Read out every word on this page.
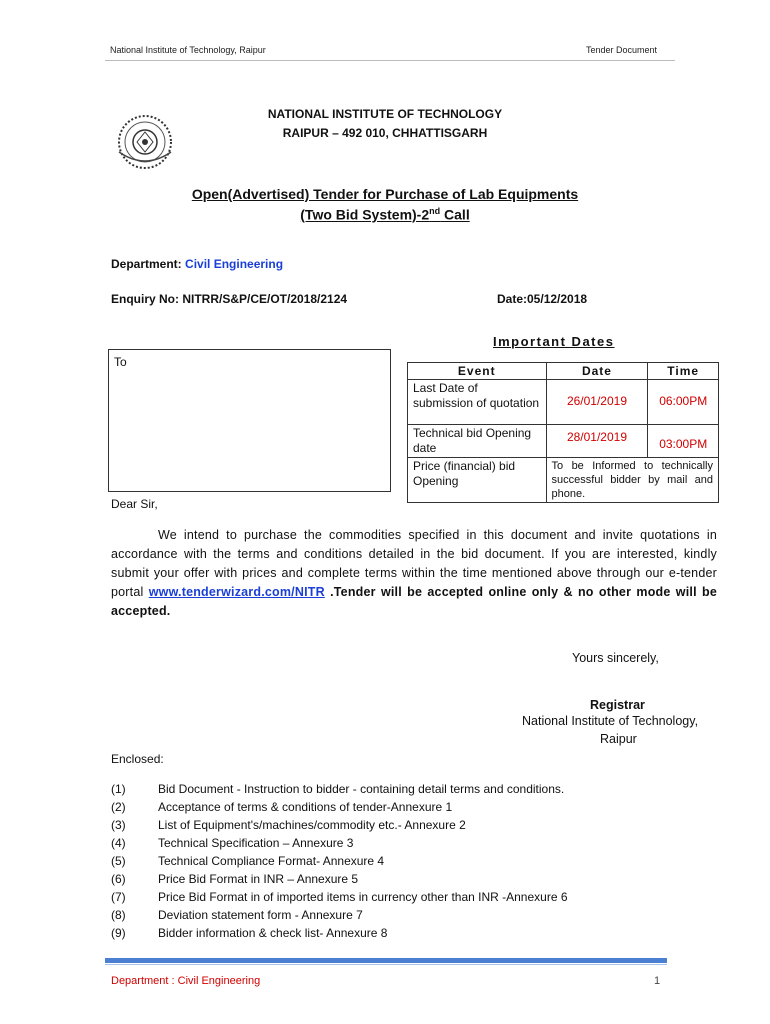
National Institute of Technology, Raipur	Tender Document
NATIONAL INSTITUTE OF TECHNOLOGY
RAIPUR – 492 010, CHHATTISGARH
Open(Advertised) Tender for Purchase of Lab Equipments
(Two Bid System)-2nd Call
Department: Civil Engineering
Enquiry No: NITRR/S&P/CE/OT/2018/2124	Date:05/12/2018
To
Important Dates
Event	Date	Time
Last Date of submission of quotation	26/01/2019	06:00PM
Technical bid Opening date	28/01/2019	03:00PM
Price (financial) bid Opening	To be Informed to technically successful bidder by mail and phone.	
Dear Sir,
We intend to purchase the commodities specified in this document and invite quotations in accordance with the terms and conditions detailed in the bid document. If you are interested, kindly submit your offer with prices and complete terms within the time mentioned above through our e-tender portal www.tenderwizard.com/NITR .Tender will be accepted online only & no other mode will be accepted.
Yours sincerely,
Registrar
National Institute of Technology,
Raipur
Enclosed:
(1)	Bid Document - Instruction to bidder - containing detail terms and conditions.
(2)	Acceptance of terms & conditions of tender-Annexure 1
(3)	List of Equipment's/machines/commodity etc.- Annexure 2
(4)	Technical Specification – Annexure 3
(5)	Technical Compliance Format- Annexure 4
(6)	Price Bid Format in INR – Annexure 5
(7)	Price Bid Format in of imported items in currency other than INR -Annexure 6
(8)	Deviation statement form - Annexure 7
(9)	Bidder information & check list- Annexure 8
Department : Civil Engineering	1
